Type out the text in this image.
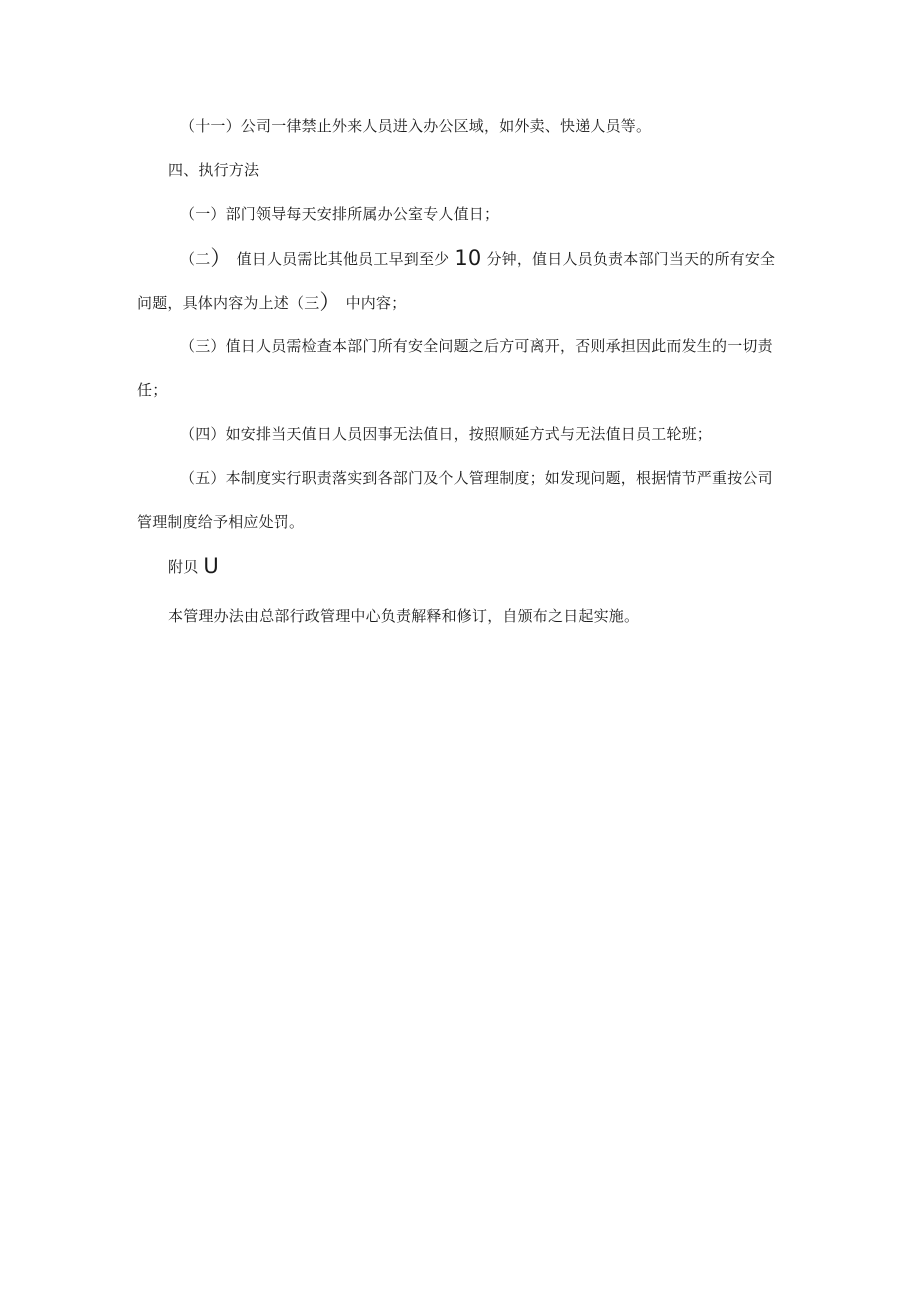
（十一）公司一律禁止外来人员进入办公区域，如外卖、快递人员等。
四、执行方法
（一）部门领导每天安排所属办公室专人值日；
（二） 值日人员需比其他员工早到至少 10 分钟，值日人员负责本部门当天的所有安全
问题，具体内容为上述（三） 中内容；
（三）值日人员需检查本部门所有安全问题之后方可离开，否则承担因此而发生的一切责
任；
（四）如安排当天值日人员因事无法值日，按照顺延方式与无法值日员工轮班；
（五）本制度实行职责落实到各部门及个人管理制度；如发现问题，根据情节严重按公司
管理制度给予相应处罚。
附贝 U
本管理办法由总部行政管理中心负责解释和修订，自颁布之日起实施。
